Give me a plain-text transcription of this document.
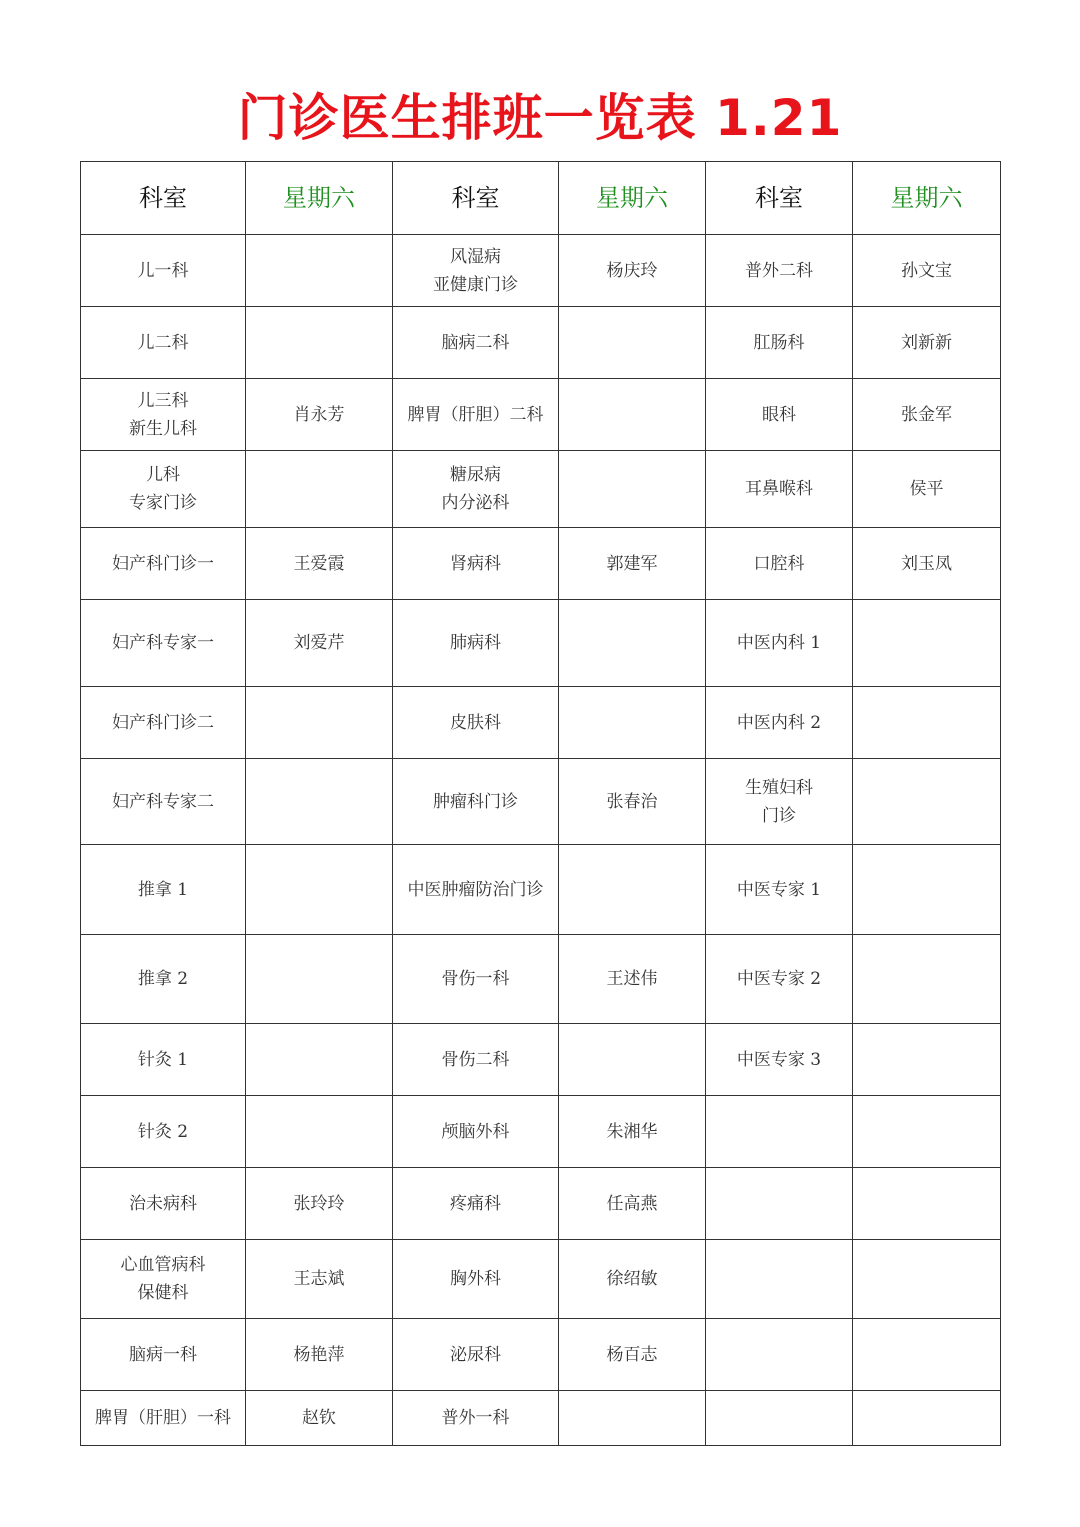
门诊医生排班一览表 1.21
科室	星期六	科室	星期六	科室	星期六

儿一科		风湿病
亚健康门诊	杨庆玲	普外二科	孙文宝

儿二科		脑病二科		肛肠科	刘新新

儿三科
新生儿科	肖永芳	脾胃（肝胆）二科		眼科	张金军

儿科
专家门诊		糖尿病
内分泌科		耳鼻喉科	侯平

妇产科门诊一	王爱霞	肾病科	郭建军	口腔科	刘玉凤

妇产科专家一	刘爱芹	肺病科		中医内科 1	

妇产科门诊二		皮肤科		中医内科 2	

妇产科专家二		肿瘤科门诊	张春治	生殖妇科
门诊	

推拿 1		中医肿瘤防治门诊		中医专家 1	

推拿 2		骨伤一科	王述伟	中医专家 2	

针灸 1		骨伤二科		中医专家 3	

针灸 2		颅脑外科	朱湘华		

治未病科	张玲玲	疼痛科	任高燕		

心血管病科
保健科	王志斌	胸外科	徐绍敏		

脑病一科	杨艳萍	泌尿科	杨百志		

脾胃（肝胆）一科	赵钦	普外一科			
